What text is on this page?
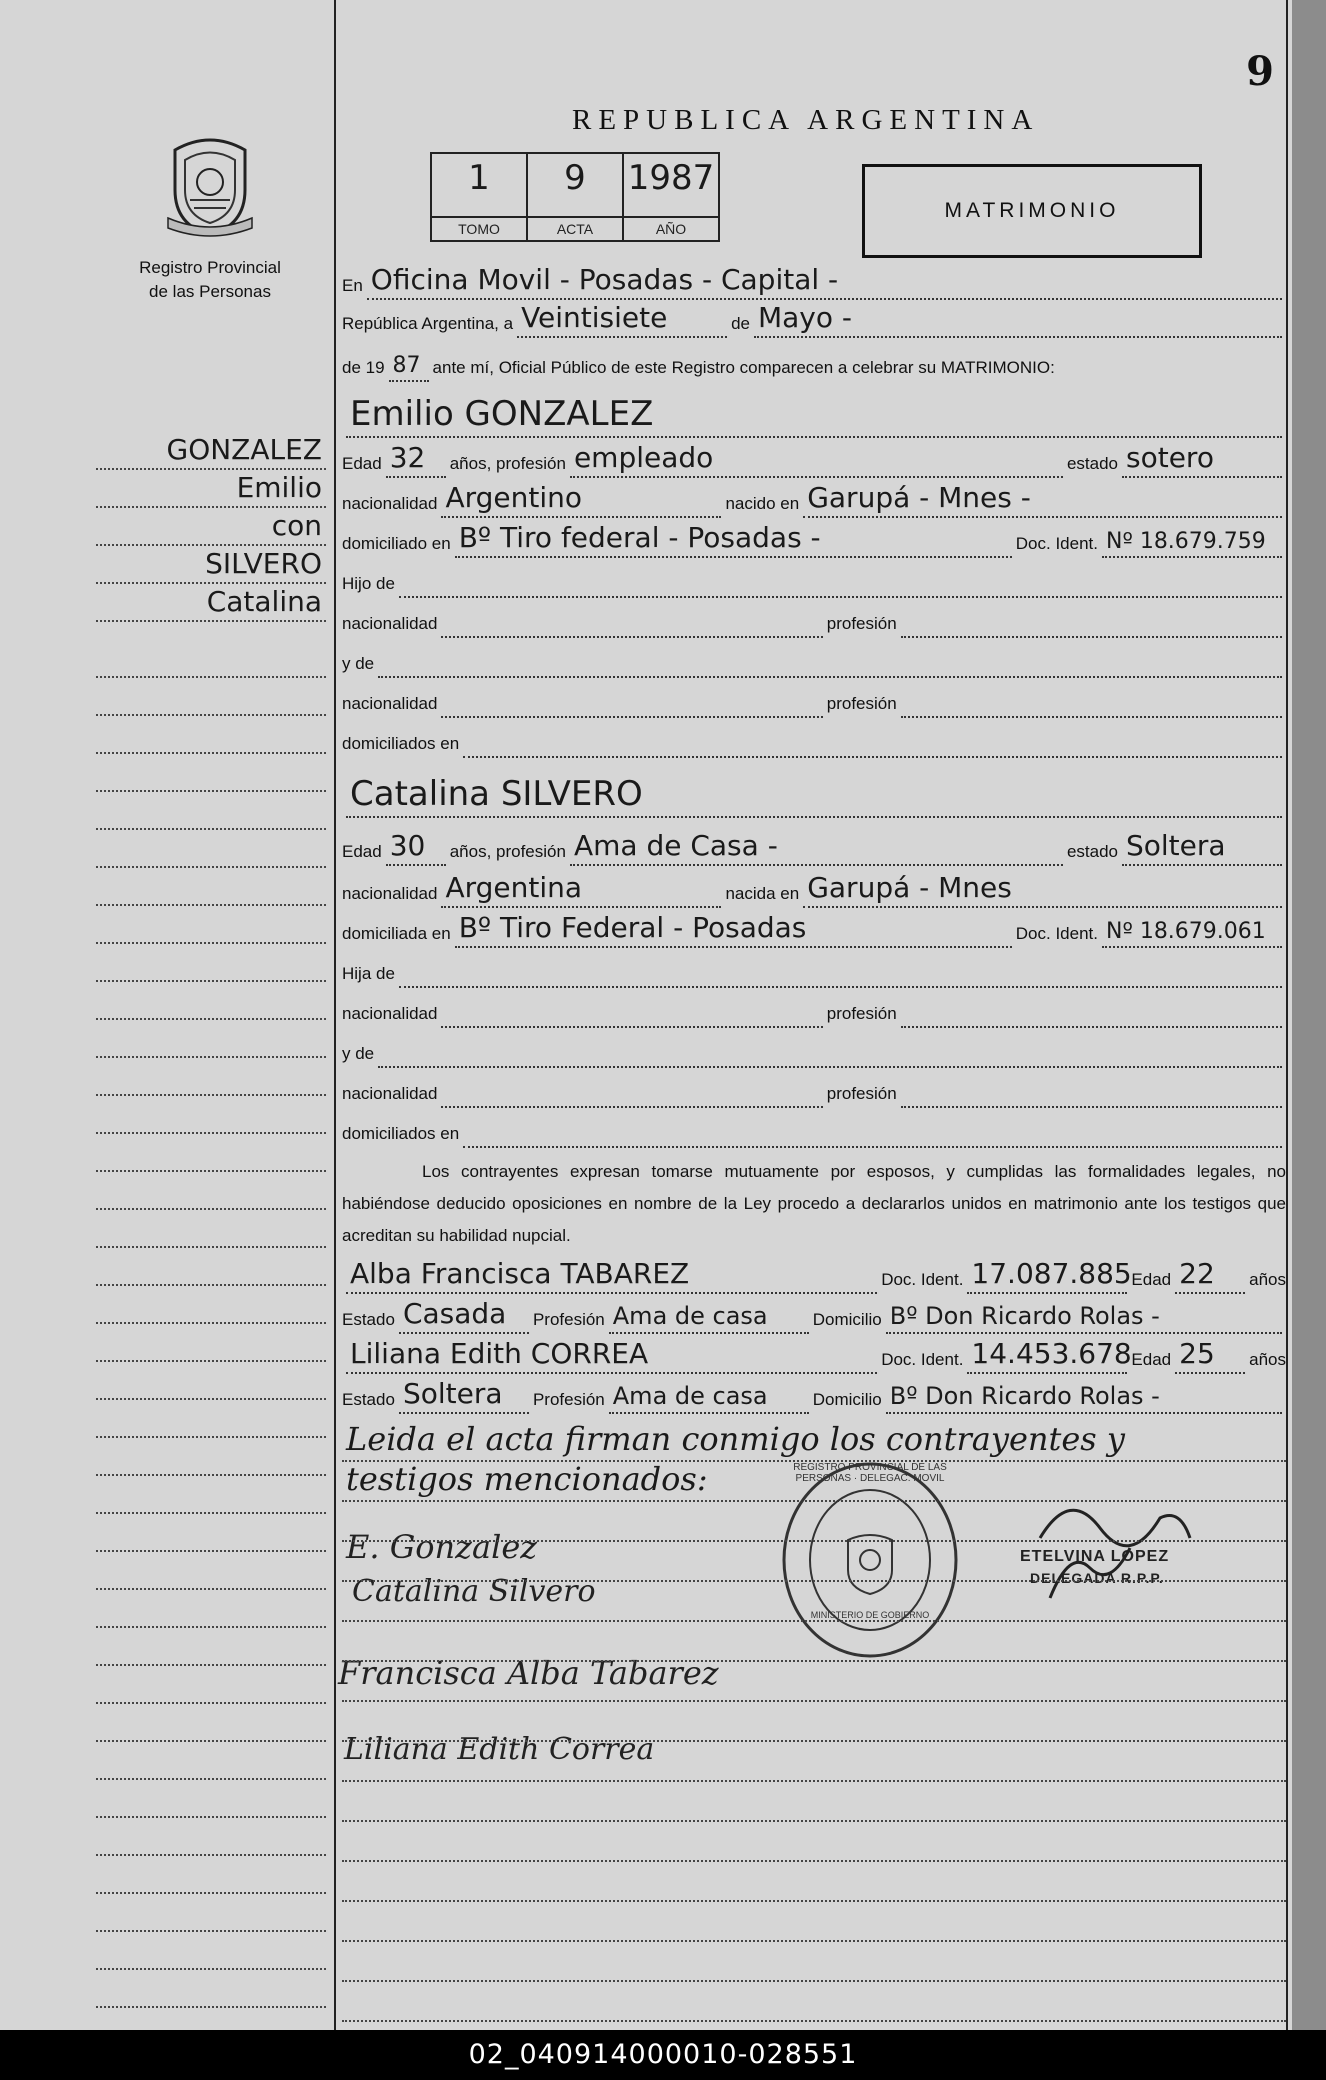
9
REPUBLICA ARGENTINA
Registro Provincial
de las Personas
1
TOMO
9
ACTA
1987
AÑO
MATRIMONIO
GONZALEZ
Emilio
con
SILVERO
Catalina
En Oficina Movil - Posadas - Capital -
República Argentina, a Veintisiete	de Mayo -
de 19 87 ante mí, Oficial Público de este Registro comparecen a celebrar su MATRIMONIO:
Emilio GONZALEZ
Edad 32 años, profesión empleado	estado sotero
nacionalidad Argentino	nacido en Garupá - Mnes -
domiciliado en Bº Tiro federal - Posadas -	Doc. Ident. Nº 18.679.759
Hijo de
nacionalidad	profesión
y de
nacionalidad	profesión
domiciliados en
Catalina SILVERO
Edad 30 años, profesión Ama de Casa -	estado Soltera
nacionalidad Argentina	nacida en Garupá - Mnes
domiciliada en Bº Tiro Federal - Posadas	Doc. Ident. Nº 18.679.061
Hija de
nacionalidad	profesión
y de
nacionalidad	profesión
domiciliados en
Los contrayentes expresan tomarse mutuamente por esposos, y cumplidas las formalidades legales, no habiéndose deducido oposiciones en nombre de la Ley procedo a declararlos unidos en matrimonio ante los testigos que acreditan su habilidad nupcial.
Alba Francisca TABAREZ	Doc. Ident. 17.087.885 Edad 22 años
Estado Casada Profesión Ama de casa	Domicilio Bº Don Ricardo Rolas -
Liliana Edith CORREA	Doc. Ident. 14.453.678 Edad 25 años
Estado Soltera Profesión Ama de casa	Domicilio Bº Don Ricardo Rolas -
Leida el acta firman conmigo los contrayentes y
testigos mencionados:
E. Gonzalez
Catalina Silvero
Francisca Alba Tabarez
Liliana Edith Correa
REGISTRO PROVINCIAL DE LAS PERSONAS · DELEGAC. MOVIL
MINISTERIO DE GOBIERNO
ETELVINA LOPEZ
DELEGADA R.P.P.
02_040914000010-028551
